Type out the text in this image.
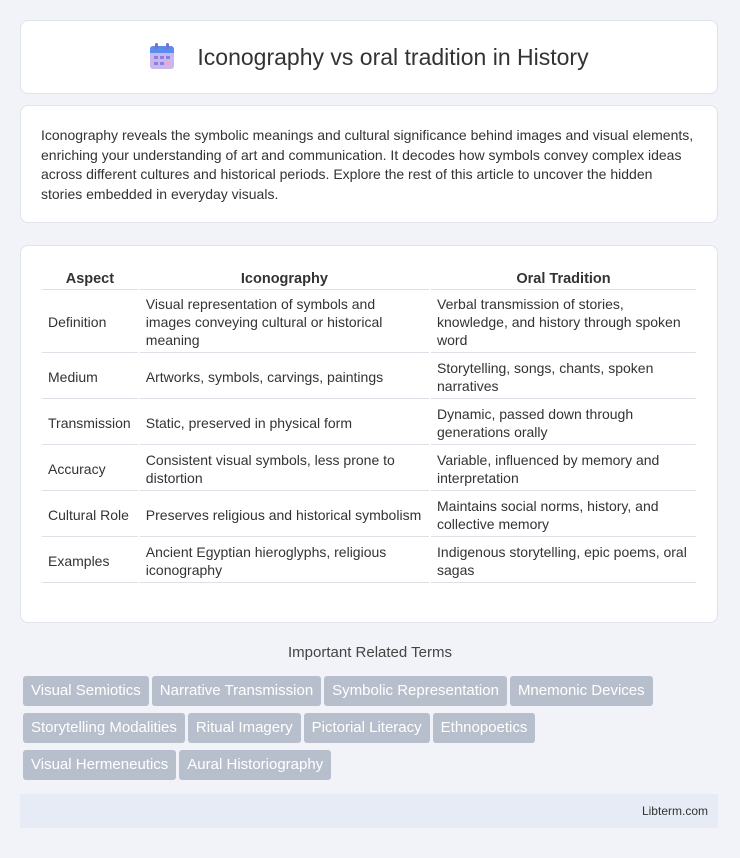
Iconography vs oral tradition in History

Iconography reveals the symbolic meanings and cultural significance behind images and visual elements, enriching your understanding of art and communication. It decodes how symbols convey complex ideas across different cultures and historical periods. Explore the rest of this article to uncover the hidden stories embedded in everyday visuals.

Aspect	Iconography	Oral Tradition
Definition	Visual representation of symbols and images conveying cultural or historical meaning	Verbal transmission of stories, knowledge, and history through spoken word
Medium	Artworks, symbols, carvings, paintings	Storytelling, songs, chants, spoken narratives
Transmission	Static, preserved in physical form	Dynamic, passed down through generations orally
Accuracy	Consistent visual symbols, less prone to distortion	Variable, influenced by memory and interpretation
Cultural Role	Preserves religious and historical symbolism	Maintains social norms, history, and collective memory
Examples	Ancient Egyptian hieroglyphs, religious iconography	Indigenous storytelling, epic poems, oral sagas
Important Related Terms
Visual Semiotics Narrative Transmission Symbolic Representation Mnemonic Devices
Storytelling Modalities Ritual Imagery Pictorial Literacy Ethnopoetics
Visual Hermeneutics Aural Historiography
Libterm.com
